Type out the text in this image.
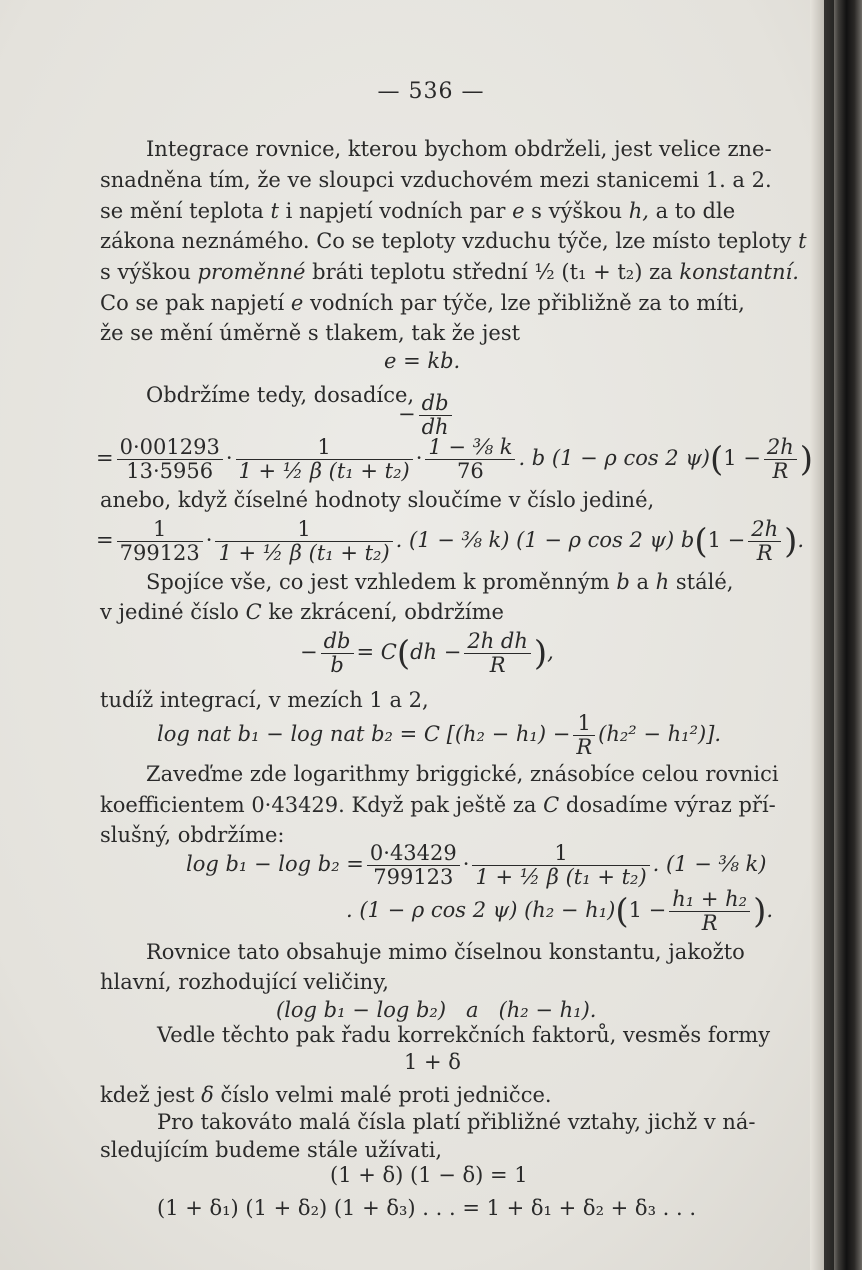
— 536 —
Integrace rovnice, kterou bychom obdrželi, jest velice zne-
snadněna tím, že ve sloupci vzduchovém mezi stanicemi 1. a 2.
se mění teplota t i napjetí vodních par e s výškou h, a to dle
zákona neznámého. Co se teploty vzduchu týče, lze místo teploty t
s výškou proměnné bráti teplotu střední ½ (t₁ + t₂) za konstantní.
Co se pak napjetí e vodních par týče, lze přibližně za to míti,
že se mění úměrně s tlakem, tak že jest
e = kb.
Obdržíme tedy, dosadíce,
− $\frac{db}{dh}$
= $\frac{0\cdot 001293}{13\cdot 5956} \cdot \frac{1}{\text{1 + ½ β (t₁ + t₂)}} \cdot \frac{\text{1 − ⅜ k}}{76}$ . b (1 − ρ cos 2 $\psi)(1 - \frac{2h}{R}$ )
anebo, když číselné hodnoty sloučíme v číslo jediné,
= $\frac{1}{799123} \cdot \frac{1}{\text{1 + ½ β (t₁ + t₂)}}$ . (1 − ⅜ k) (1 − ρ cos 2 ψ) $b(1 - \frac{2h}{R}$ ).
Spojíce vše, co jest vzhledem k proměnným b a h stálé,
v jediné číslo C ke zkrácení, obdržíme
− $\frac{db}{b} = C(dh - \frac{\text{2h dh}}{R}$ ),
tudíž integrací, v mezích 1 a 2,
log nat b₁ − log nat b₂ = C $[(h_2 - h_1) - \frac{1}{R} (h_2^2 - h_1^2)]$.
Zaveďme zde logarithmy briggické, znásobíce celou rovnici
koefficientem 0·43429. Když pak ještě za C dosadíme výraz pří-
slušný, obdržíme:
$\log b_1 - \log b_2 = \frac{0\cdot 43429}{799123} \cdot \frac{1}{\text{1 + ½ β (t₁ + t₂)}}$ . (1 − ⅜ k)
. (1 − ρ cos 2 ψ) $(h_2 - h_1)(1 - \frac{\text{h₁ + h₂}}{R}$ ).
Rovnice tato obsahuje mimo číselnou konstantu, jakožto
hlavní, rozhodující veličiny,
(log b₁ − log b₂)   a   (h₂ − h₁).
Vedle těchto pak řadu korrekčních faktorů, vesměs formy
1 + δ
kdež jest δ číslo velmi malé proti jedničce.
Pro takováto malá čísla platí přibližné vztahy, jichž v ná-
sledujícím budeme stále užívati,
(1 + δ) (1 − δ) = 1
(1 + δ₁) (1 + δ₂) (1 + δ₃) . . . = 1 + δ₁ + δ₂ + δ₃ . . .
